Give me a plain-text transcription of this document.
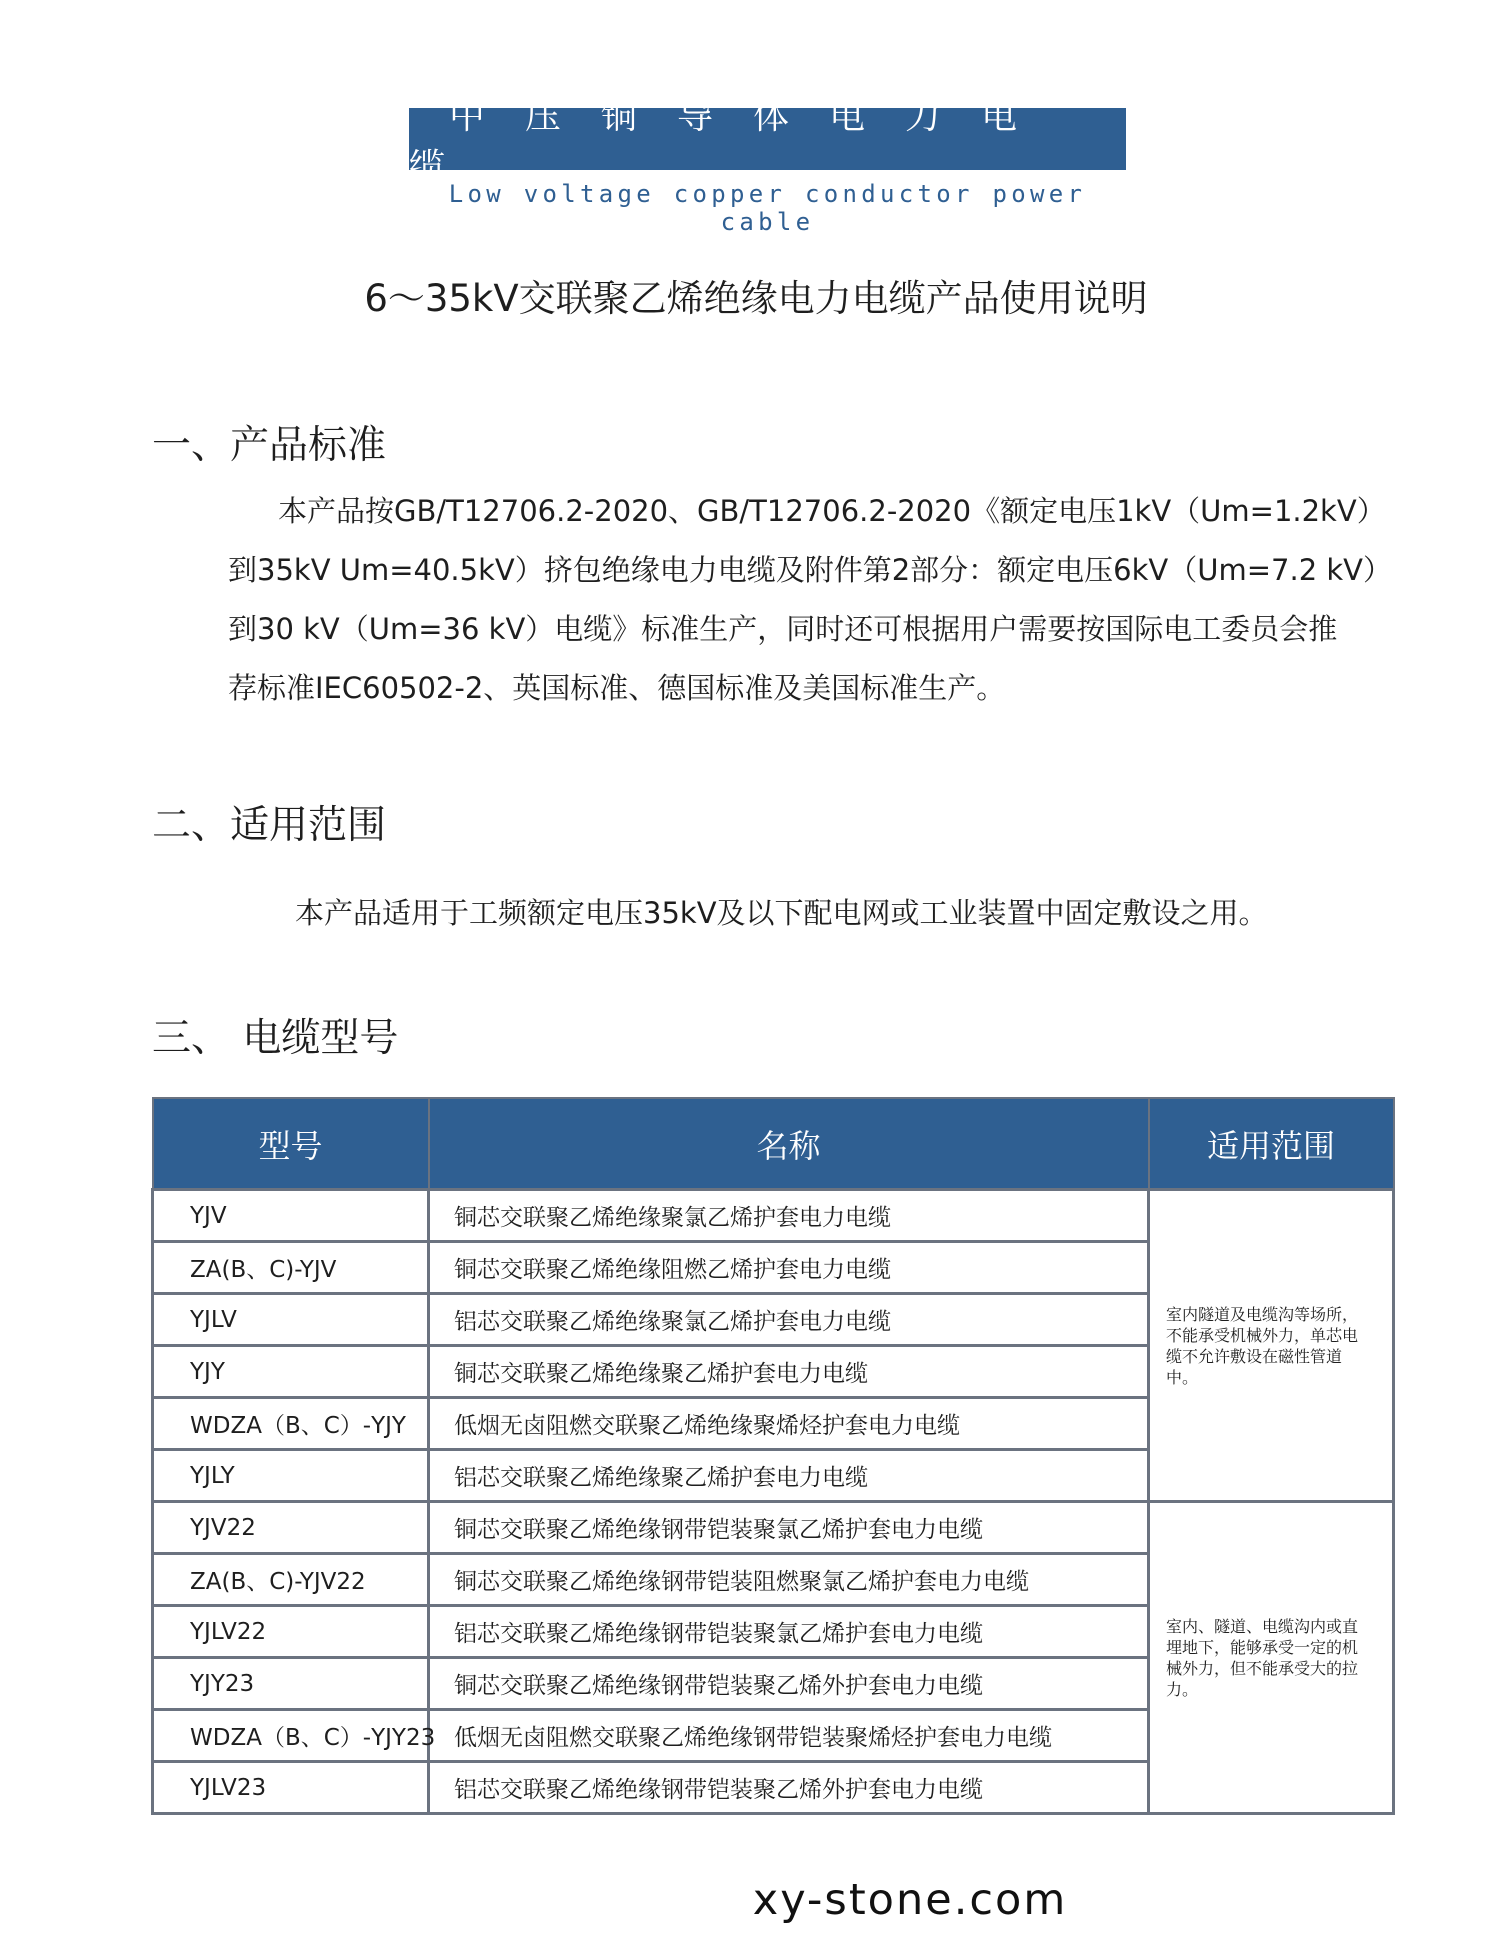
中压铜导体电力电缆
Low voltage copper conductor power cable
6～35kV交联聚乙烯绝缘电力电缆产品使用说明
一、产品标准
本产品按GB/T12706.2-2020、GB/T12706.2-2020《额定电压1kV（Um=1.2kV）
到35kV Um=40.5kV）挤包绝缘电力电缆及附件第2部分：额定电压6kV（Um=7.2 kV）
到30 kV（Um=36 kV）电缆》标准生产，同时还可根据用户需要按国际电工委员会推
荐标准IEC60502-2、英国标准、德国标准及美国标准生产。
二、适用范围
本产品适用于工频额定电压35kV及以下配电网或工业装置中固定敷设之用。
三、 电缆型号
型号	名称	适用范围
YJV	铜芯交联聚乙烯绝缘聚氯乙烯护套电力电缆	室内隧道及电缆沟等场所，不能承受机械外力，单芯电缆不允许敷设在磁性管道中。
ZA(B、C)-YJV	铜芯交联聚乙烯绝缘阻燃乙烯护套电力电缆	
YJLV	铝芯交联聚乙烯绝缘聚氯乙烯护套电力电缆	
YJY	铜芯交联聚乙烯绝缘聚乙烯护套电力电缆	
WDZA（B、C）-YJY	低烟无卤阻燃交联聚乙烯绝缘聚烯烃护套电力电缆	
YJLY	铝芯交联聚乙烯绝缘聚乙烯护套电力电缆	
YJV22	铜芯交联聚乙烯绝缘钢带铠装聚氯乙烯护套电力电缆	室内、隧道、电缆沟内或直埋地下，能够承受一定的机械外力，但不能承受大的拉力。
ZA(B、C)-YJV22	铜芯交联聚乙烯绝缘钢带铠装阻燃聚氯乙烯护套电力电缆	
YJLV22	铝芯交联聚乙烯绝缘钢带铠装聚氯乙烯护套电力电缆	
YJY23	铜芯交联聚乙烯绝缘钢带铠装聚乙烯外护套电力电缆	
WDZA（B、C）-YJY23	低烟无卤阻燃交联聚乙烯绝缘钢带铠装聚烯烃护套电力电缆	
YJLV23	铝芯交联聚乙烯绝缘钢带铠装聚乙烯外护套电力电缆	
xy-stone.com
